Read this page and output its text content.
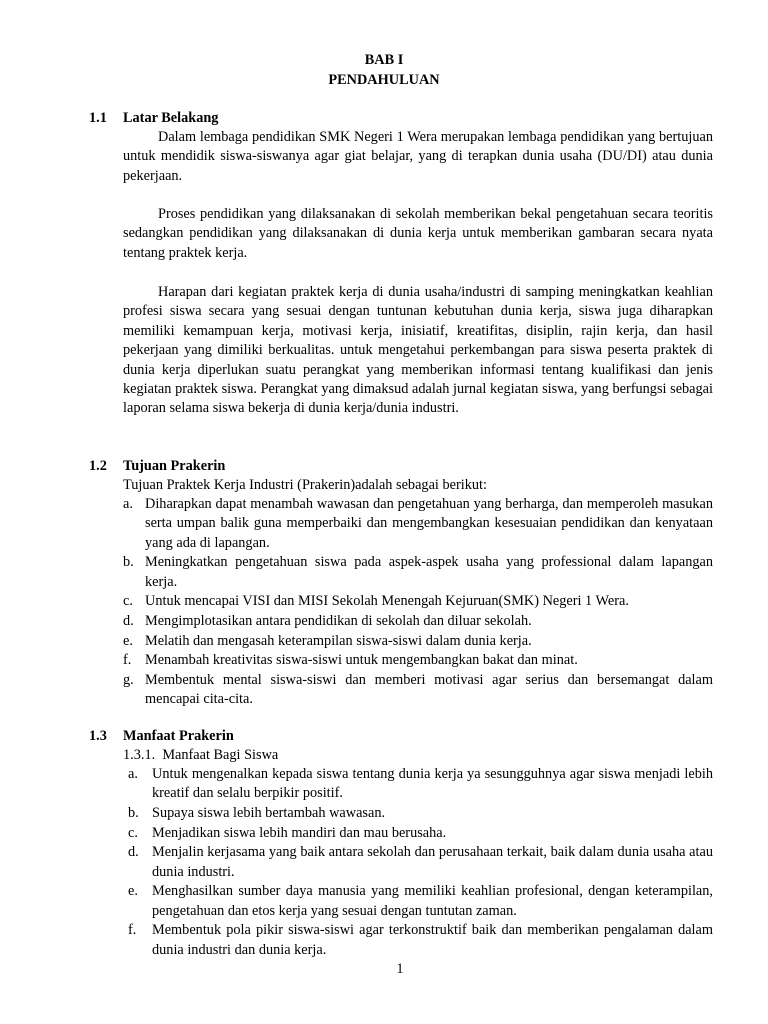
BAB I
PENDAHULUAN
1.1 Latar Belakang

Dalam lembaga pendidikan SMK Negeri 1 Wera merupakan lembaga pendidikan yang bertujuan untuk mendidik siswa-siswanya agar giat belajar, yang di terapkan dunia usaha (DU/DI) atau dunia pekerjaan.

Proses pendidikan yang dilaksanakan di sekolah memberikan bekal pengetahuan secara teoritis sedangkan pendidikan yang dilaksanakan di dunia kerja untuk memberikan gambaran secara nyata tentang praktek kerja.

Harapan dari kegiatan praktek kerja di dunia usaha/industri di samping meningkatkan keahlian profesi siswa secara yang sesuai dengan tuntunan kebutuhan dunia kerja, siswa juga diharapkan memiliki kemampuan kerja, motivasi kerja, inisiatif, kreatifitas, disiplin, rajin kerja, dan hasil pekerjaan yang dimiliki berkualitas. untuk mengetahui perkembangan para siswa peserta praktek di dunia kerja diperlukan suatu perangkat yang memberikan informasi tentang kualifikasi dan jenis kegiatan praktek siswa. Perangkat yang dimaksud adalah jurnal kegiatan siswa, yang berfungsi sebagai laporan selama siswa bekerja di dunia kerja/dunia industri.

1.2 Tujuan Prakerin

Tujuan Praktek Kerja Industri (Prakerin)adalah sebagai berikut:

a. Diharapkan dapat menambah wawasan dan pengetahuan yang berharga, dan memperoleh masukan serta umpan balik guna memperbaiki dan mengembangkan kesesuaian pendidikan dan kenyataan yang ada di lapangan.
b. Meningkatkan pengetahuan siswa pada aspek-aspek usaha yang professional dalam lapangan kerja.
c. Untuk mencapai VISI dan MISI Sekolah Menengah Kejuruan(SMK) Negeri 1 Wera.
d. Mengimplotasikan antara pendidikan di sekolah dan diluar sekolah.
e. Melatih dan mengasah keterampilan siswa-siswi dalam dunia kerja.
f. Menambah kreativitas siswa-siswi untuk mengembangkan bakat dan minat.
g. Membentuk mental siswa-siswi dan memberi motivasi agar serius dan bersemangat dalam mencapai cita-cita.
1.3 Manfaat Prakerin

1.3.1.  Manfaat Bagi Siswa

a. Untuk mengenalkan kepada siswa tentang dunia kerja ya sesungguhnya agar siswa menjadi lebih kreatif dan selalu berpikir positif.
b. Supaya siswa lebih bertambah wawasan.
c. Menjadikan siswa lebih mandiri dan mau berusaha.
d. Menjalin kerjasama yang baik antara sekolah dan perusahaan terkait, baik dalam dunia usaha atau dunia industri.
e. Menghasilkan sumber daya manusia yang memiliki keahlian profesional, dengan keterampilan, pengetahuan dan etos kerja yang sesuai dengan tuntutan zaman.
f. Membentuk pola pikir siswa-siswi agar terkonstruktif baik dan memberikan pengalaman dalam dunia industri dan dunia kerja.
1
